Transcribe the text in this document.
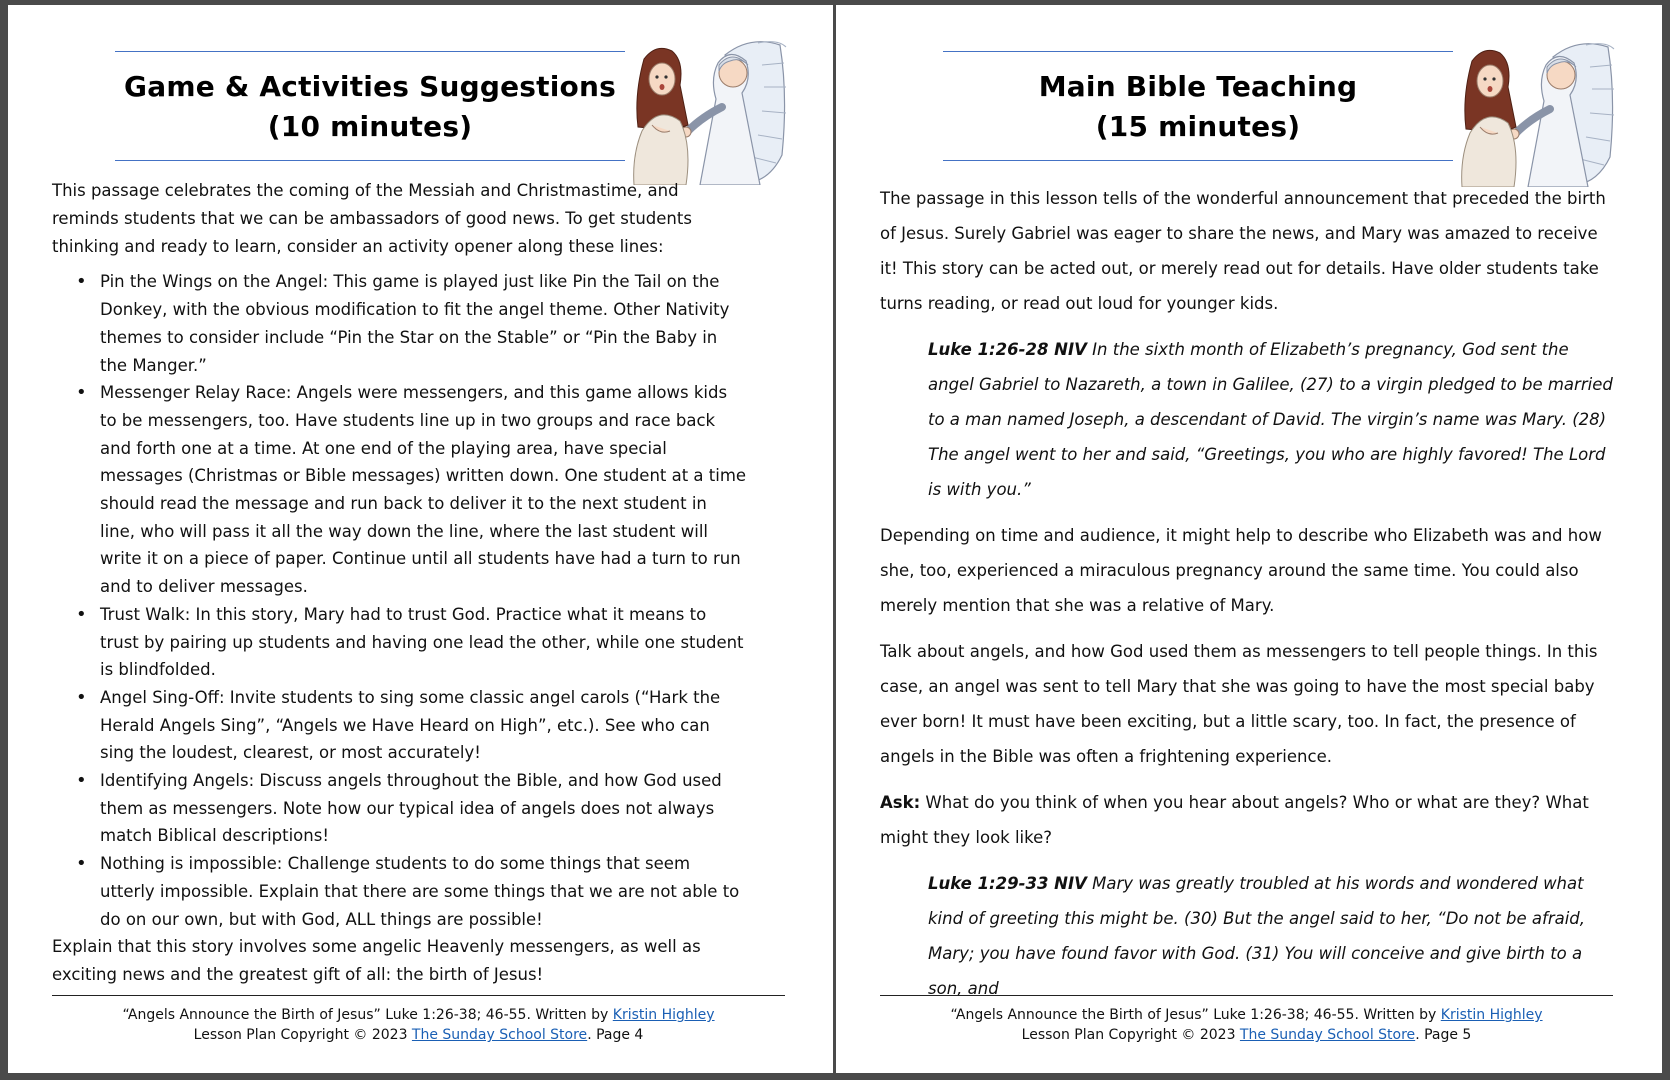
Game & Activities Suggestions
(10 minutes)

This passage celebrates the coming of the Messiah and Christmastime, and reminds students that we can be ambassadors of good news. To get students thinking and ready to learn, consider an activity opener along these lines:

• Pin the Wings on the Angel: This game is played just like Pin the Tail on the Donkey, with the obvious modification to fit the angel theme. Other Nativity themes to consider include “Pin the Star on the Stable” or “Pin the Baby in the Manger.”
• Messenger Relay Race: Angels were messengers, and this game allows kids to be messengers, too. Have students line up in two groups and race back and forth one at a time. At one end of the playing area, have special messages (Christmas or Bible messages) written down. One student at a time should read the message and run back to deliver it to the next student in line, who will pass it all the way down the line, where the last student will write it on a piece of paper. Continue until all students have had a turn to run and to deliver messages.
• Trust Walk: In this story, Mary had to trust God. Practice what it means to trust by pairing up students and having one lead the other, while one student is blindfolded.
• Angel Sing-Off: Invite students to sing some classic angel carols (“Hark the Herald Angels Sing”, “Angels we Have Heard on High”, etc.). See who can sing the loudest, clearest, or most accurately!
• Identifying Angels: Discuss angels throughout the Bible, and how God used them as messengers. Note how our typical idea of angels does not always match Biblical descriptions!
• Nothing is impossible: Challenge students to do some things that seem utterly impossible. Explain that there are some things that we are not able to do on our own, but with God, ALL things are possible!

Explain that this story involves some angelic Heavenly messengers, as well as exciting news and the greatest gift of all: the birth of Jesus!

“Angels Announce the Birth of Jesus” Luke 1:26-38; 46-55. Written by Kristin Highley
Lesson Plan Copyright © 2023 The Sunday School Store. Page 4
Main Bible Teaching
(15 minutes)

The passage in this lesson tells of the wonderful announcement that preceded the birth of Jesus. Surely Gabriel was eager to share the news, and Mary was amazed to receive it! This story can be acted out, or merely read out for details. Have older students take turns reading, or read out loud for younger kids.

Luke 1:26-28 NIV In the sixth month of Elizabeth’s pregnancy, God sent the angel Gabriel to Nazareth, a town in Galilee, (27) to a virgin pledged to be married to a man named Joseph, a descendant of David. The virgin’s name was Mary. (28) The angel went to her and said, “Greetings, you who are highly favored! The Lord is with you.”

Depending on time and audience, it might help to describe who Elizabeth was and how she, too, experienced a miraculous pregnancy around the same time. You could also merely mention that she was a relative of Mary.

Talk about angels, and how God used them as messengers to tell people things. In this case, an angel was sent to tell Mary that she was going to have the most special baby ever born! It must have been exciting, but a little scary, too. In fact, the presence of angels in the Bible was often a frightening experience.

Ask: What do you think of when you hear about angels? Who or what are they? What might they look like?

Luke 1:29-33 NIV Mary was greatly troubled at his words and wondered what kind of greeting this might be. (30) But the angel said to her, “Do not be afraid, Mary; you have found favor with God. (31) You will conceive and give birth to a son, and

“Angels Announce the Birth of Jesus” Luke 1:26-38; 46-55. Written by Kristin Highley
Lesson Plan Copyright © 2023 The Sunday School Store. Page 5
